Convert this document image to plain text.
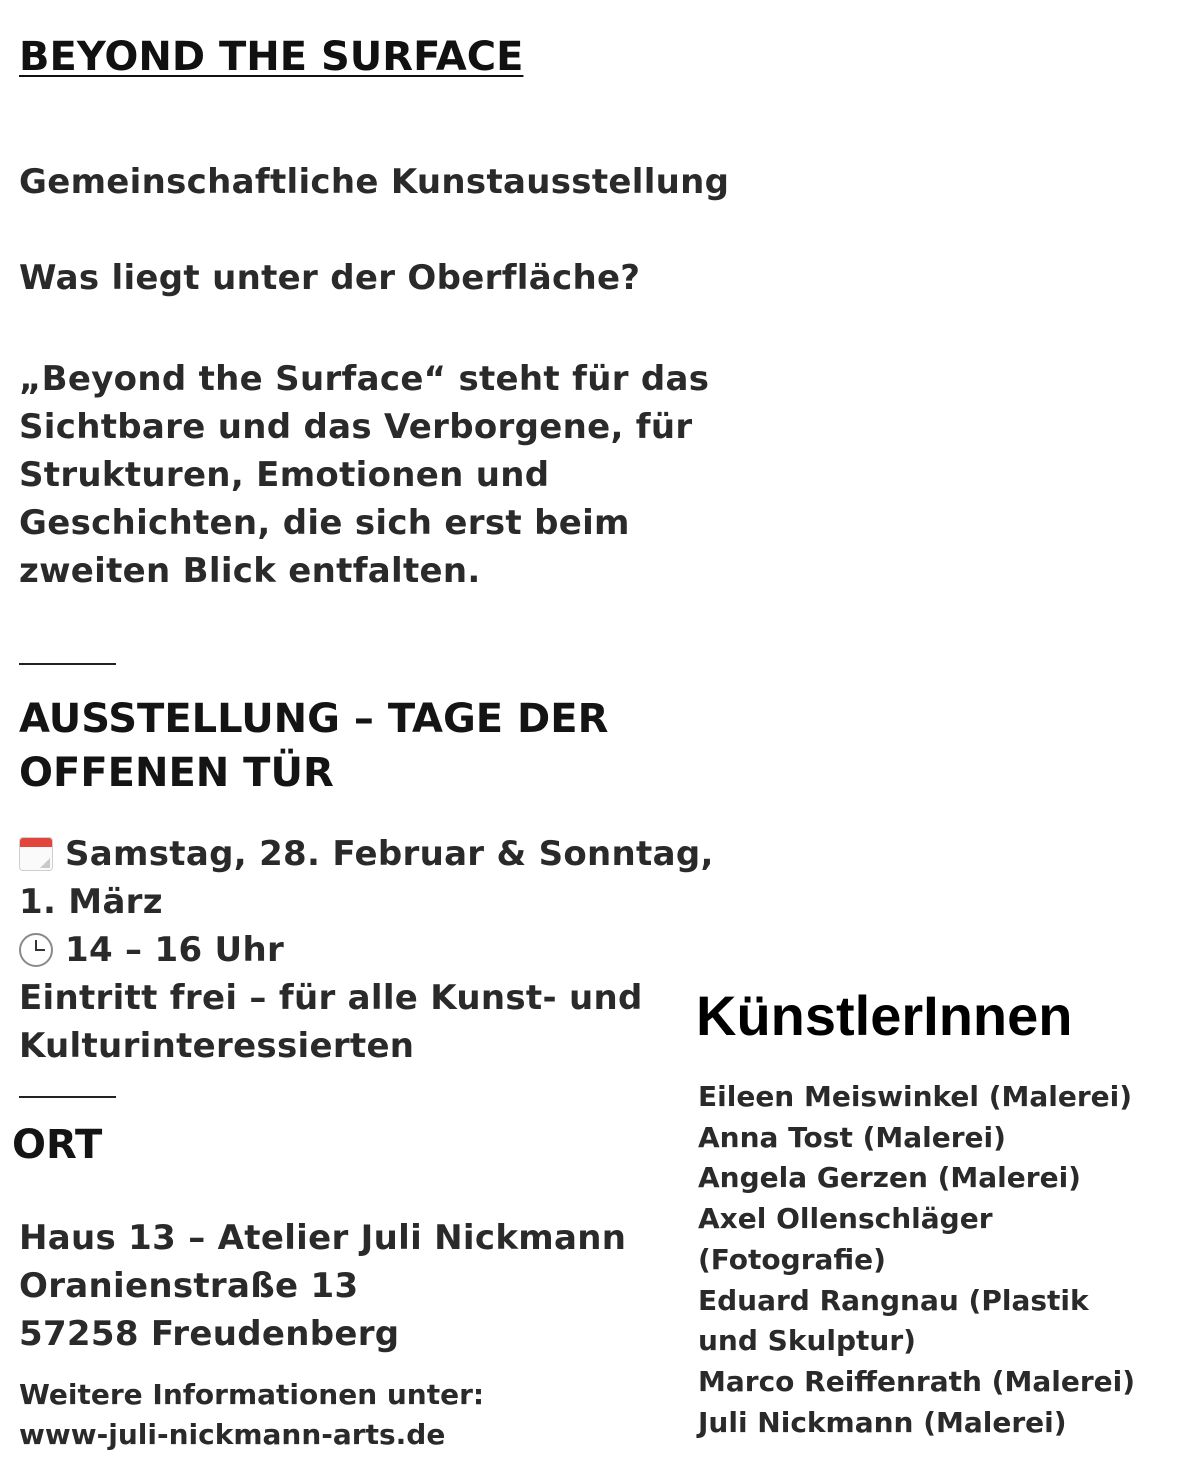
BEYOND THE SURFACE

Gemeinschaftliche Kunstausstellung

Was liegt unter der Oberfläche?

„Beyond the Surface“ steht für das
Sichtbare und das Verborgene, für
Strukturen, Emotionen und
Geschichten, die sich erst beim
zweiten Blick entfalten.
AUSSTELLUNG – TAGE DER
OFFENEN TÜR
Samstag, 28. Februar & Sonntag,
1. März
14 – 16 Uhr
Eintritt frei – für alle Kunst- und
Kulturinteressierten
ORT
Haus 13 – Atelier Juli Nickmann
Oranienstraße 13
57258 Freudenberg
Weitere Informationen unter:
www-juli-nickmann-arts.de
KünstlerInnen
Eileen Meiswinkel (Malerei)
Anna Tost (Malerei)
Angela Gerzen (Malerei)
Axel Ollenschläger
(Fotografie)
Eduard Rangnau (Plastik
und Skulptur)
Marco Reiffenrath (Malerei)
Juli Nickmann (Malerei)
